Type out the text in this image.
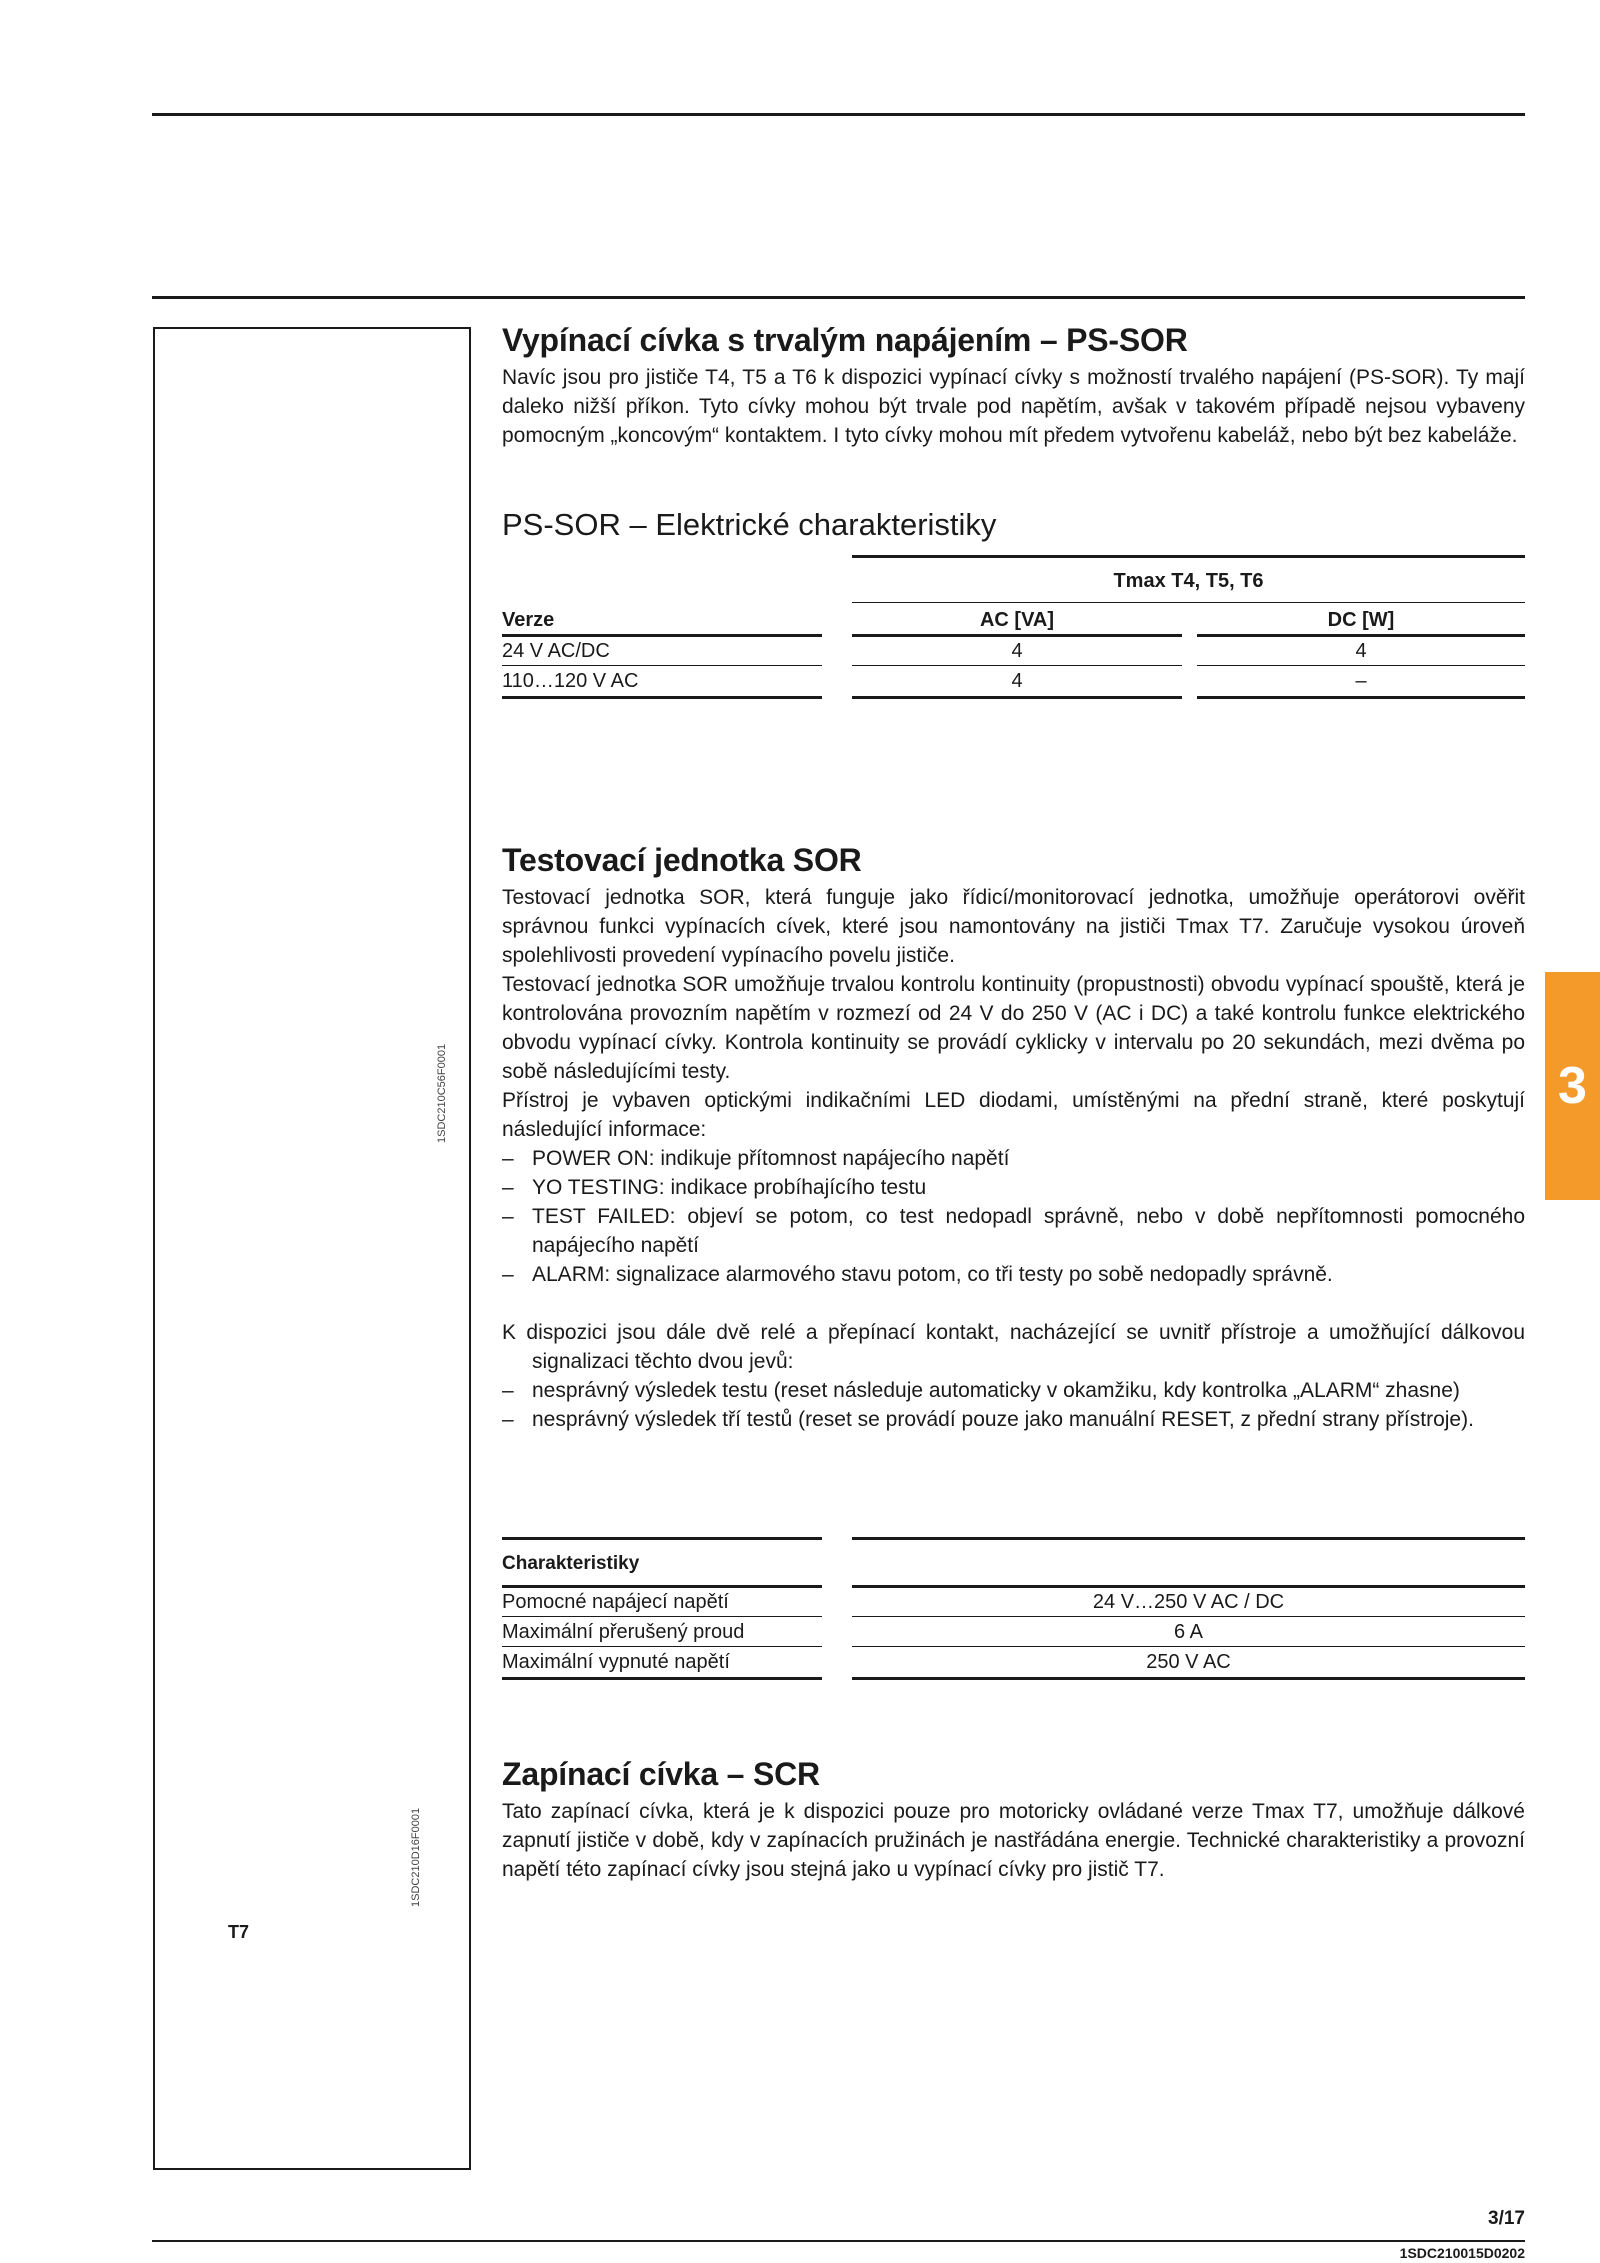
1SDC210C56F0001
1SDC210D16F0001
T7
3
Vypínací cívka s trvalým napájením – PS-SOR

Navíc jsou pro jističe T4, T5 a T6 k dispozici vypínací cívky s možností trvalého napájení (PS-SOR). Ty mají daleko nižší příkon. Tyto cívky mohou být trvale pod napětím, avšak v takovém případě nejsou vybaveny pomocným „koncovým“ kontaktem. I tyto cívky mohou mít předem vytvořenu kabeláž, nebo být bez kabeláže.

PS-SOR – Elektrické charakteristiky
Tmax T4, T5, T6
Verze	AC [VA]	DC [W]
24 V AC/DC	4	4
110…120 V AC	4	–
Testovací jednotka SOR

Testovací jednotka SOR, která funguje jako řídicí/monitorovací jednotka, umožňuje operátorovi ověřit správnou funkci vypínacích cívek, které jsou namontovány na jističi Tmax T7. Zaručuje vysokou úroveň spolehlivosti provedení vypínacího povelu jističe.

Testovací jednotka SOR umožňuje trvalou kontrolu kontinuity (propustnosti) obvodu vypínací spouště, která je kontrolována provozním napětím v rozmezí od 24 V do 250 V (AC i DC) a také kontrolu funkce elektrického obvodu vypínací cívky. Kontrola kontinuity se provádí cyklicky v intervalu po 20 sekundách, mezi dvěma po sobě následujícími testy.

Přístroj je vybaven optickými indikačními LED diodami, umístěnými na přední straně, které poskytují následující informace:

– POWER ON: indikuje přítomnost napájecího napětí
– YO TESTING: indikace probíhajícího testu
– TEST FAILED: objeví se potom, co test nedopadl správně, nebo v době nepřítomnosti pomocného napájecího napětí
– ALARM: signalizace alarmového stavu potom, co tři testy po sobě nedopadly správně.

K dispozici jsou dále dvě relé a přepínací kontakt, nacházející se uvnitř přístroje a umožňující dálkovou signalizaci těchto dvou jevů:

– nesprávný výsledek testu (reset následuje automaticky v okamžiku, kdy kontrolka „ALARM“ zhasne)
– nesprávný výsledek tří testů (reset se provádí pouze jako manuální RESET, z přední strany přístroje).
Charakteristiky
Pomocné napájecí napětí	24 V…250 V AC / DC
Maximální přerušený proud	6 A
Maximální vypnuté napětí	250 V AC
Zapínací cívka – SCR

Tato zapínací cívka, která je k dispozici pouze pro motoricky ovládané verze Tmax T7, umožňuje dálkové zapnutí jističe v době, kdy v zapínacích pružinách je nastřádána energie. Technické charakteristiky a provozní napětí této zapínací cívky jsou stejná jako u vypínací cívky pro jistič T7.

3/17
1SDC210015D0202
